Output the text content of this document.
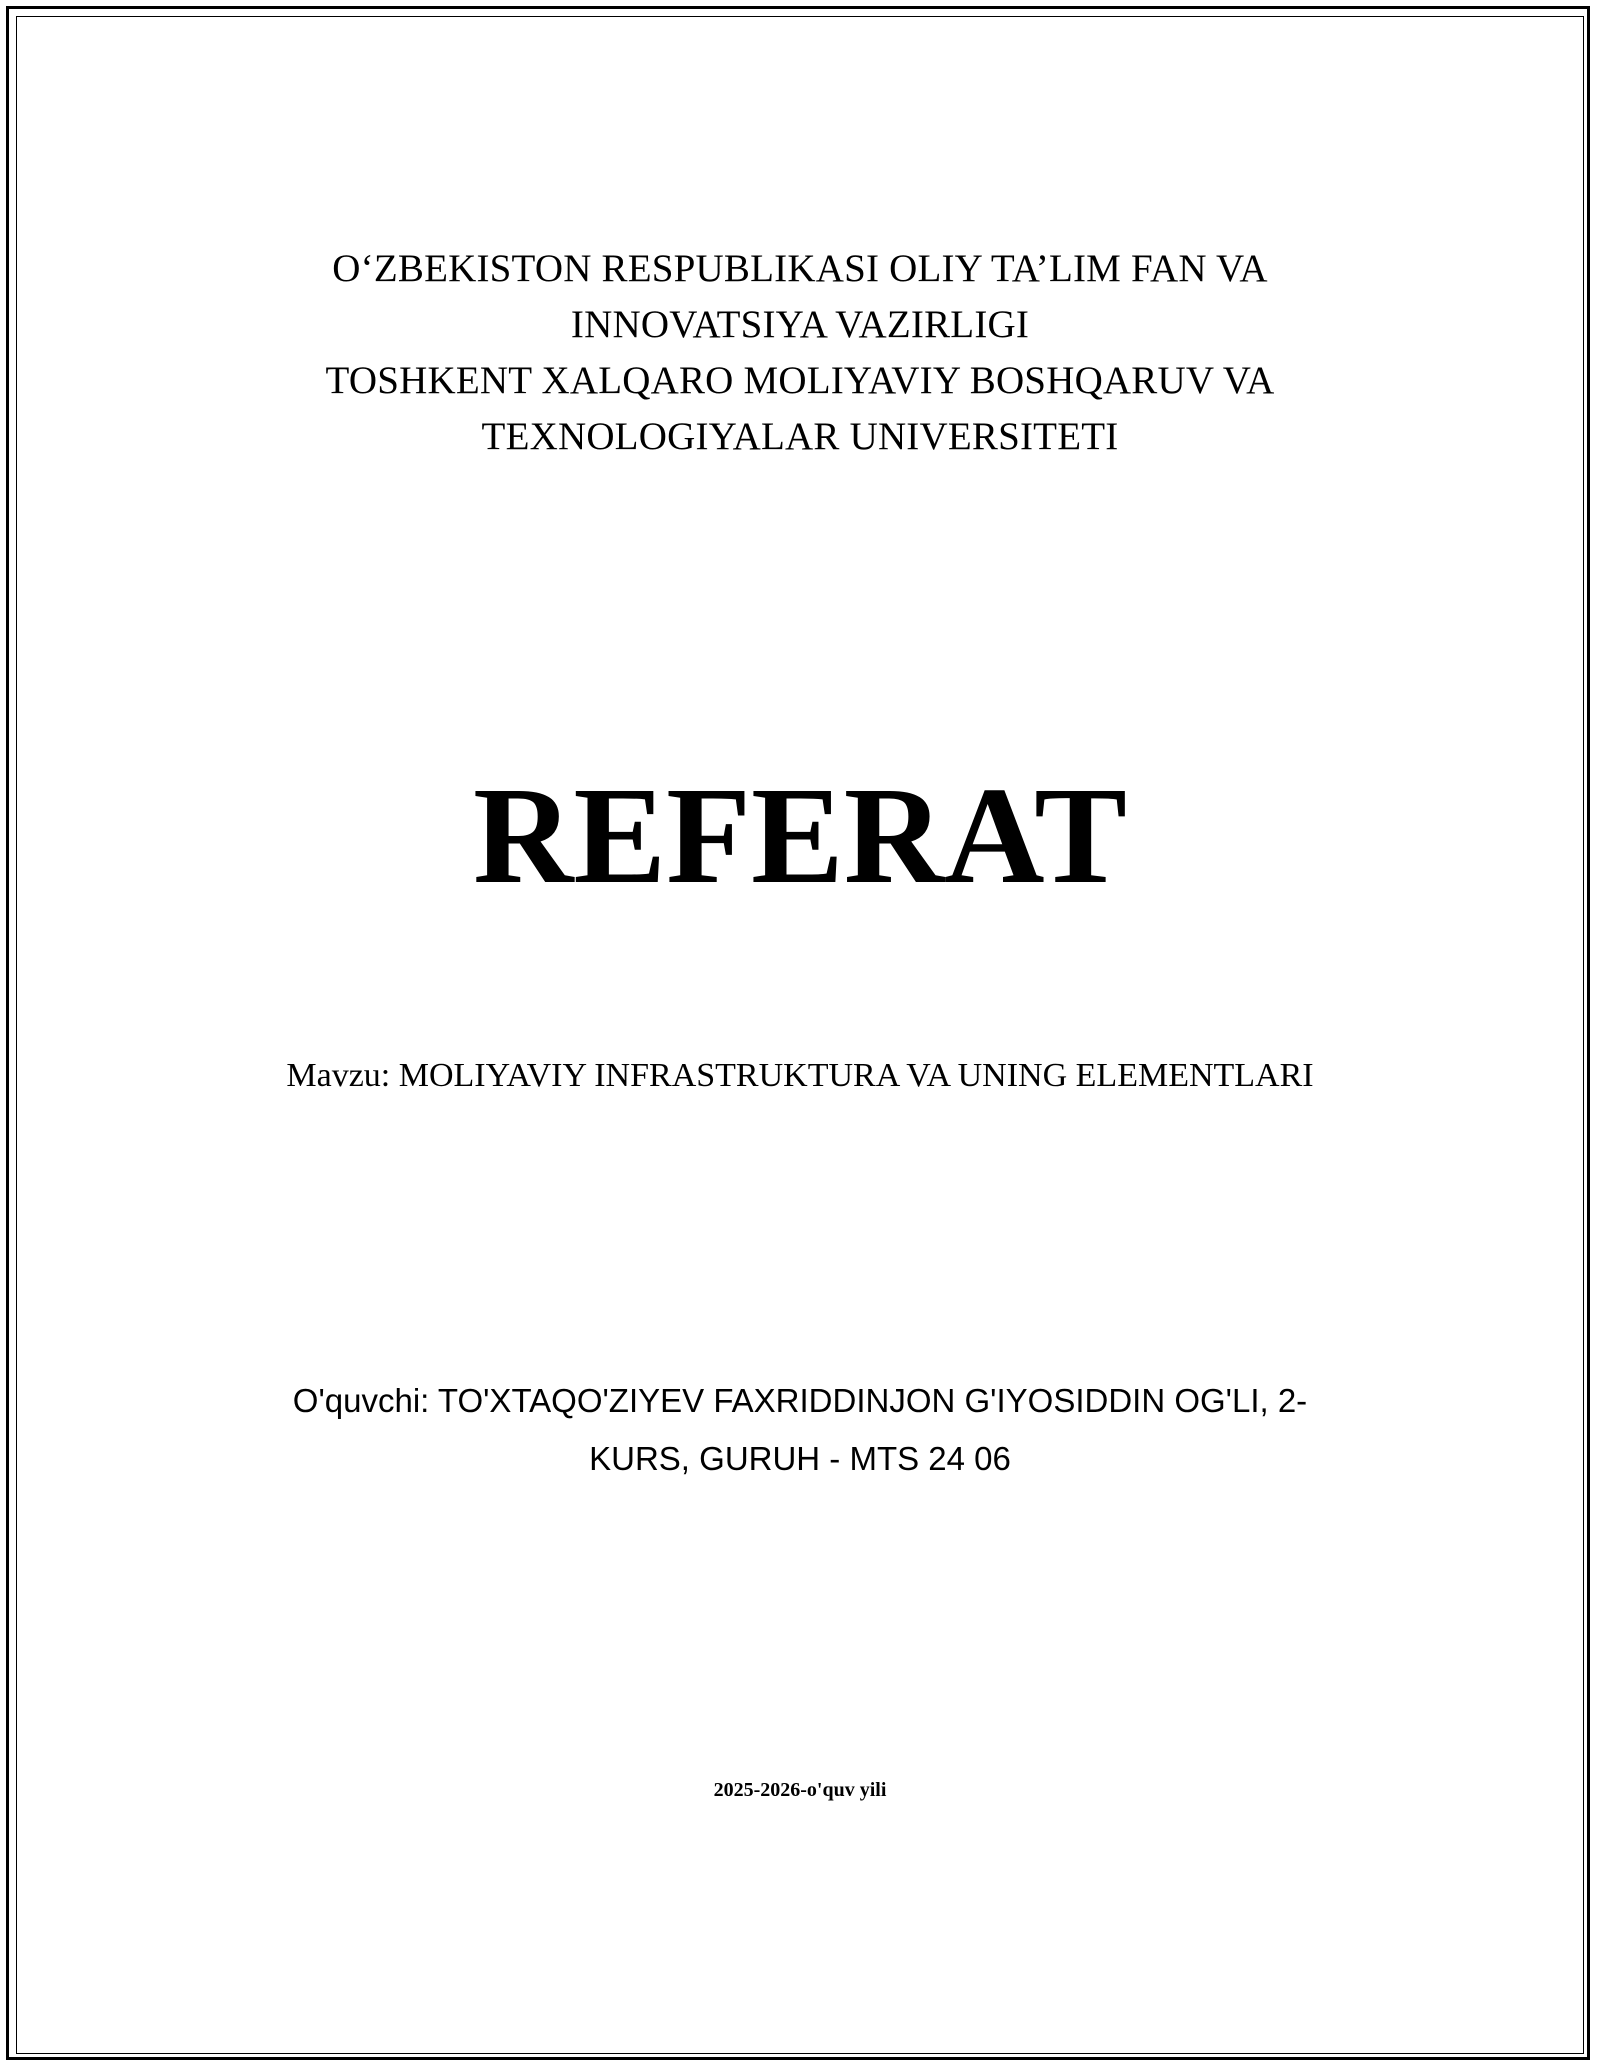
O‘ZBEKISTON RESPUBLIKASI OLIY TA’LIM FAN VA
INNOVATSIYA VAZIRLIGI
TOSHKENT XALQARO MOLIYAVIY BOSHQARUV VA
TEXNOLOGIYALAR UNIVERSITETI
REFERAT
Mavzu: MOLIYAVIY INFRASTRUKTURA VA UNING ELEMENTLARI
O'quvchi: TO'XTAQO'ZIYEV FAXRIDDINJON G'IYOSIDDIN OG'LI, 2-
KURS, GURUH - MTS 24 06
2025-2026-o'quv yili
